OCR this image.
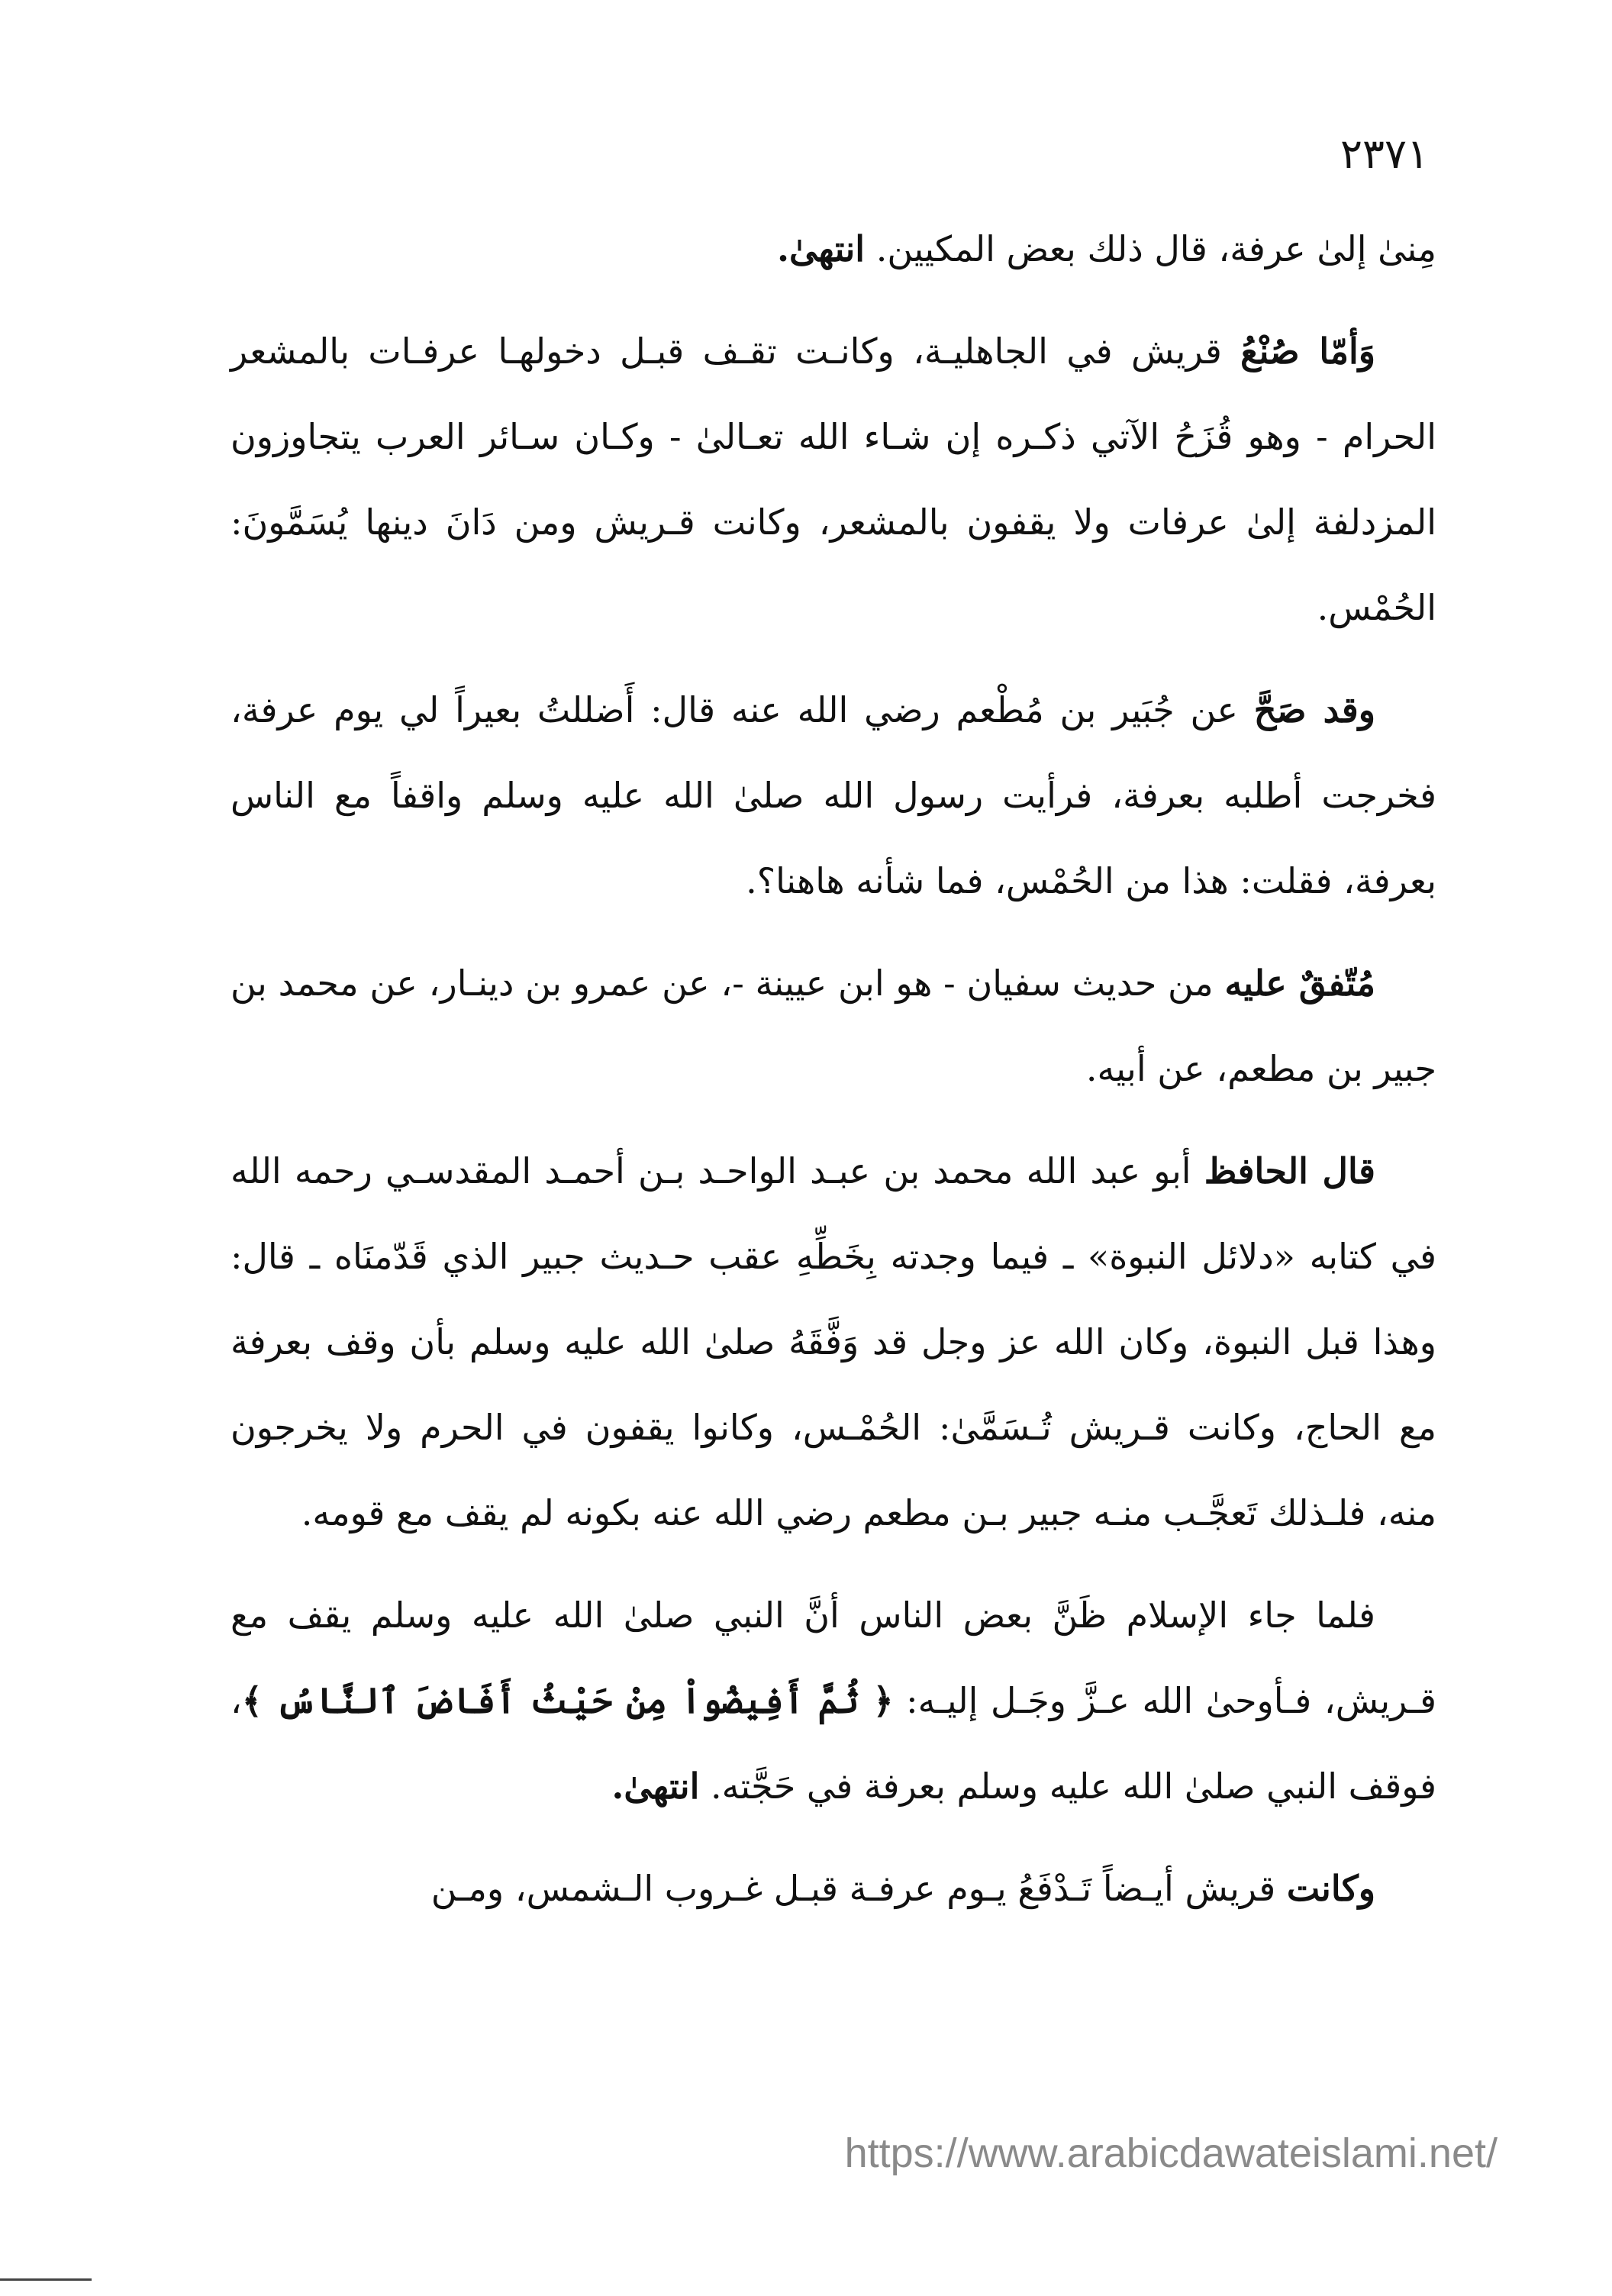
٢٣٧١

مِنىٰ إلىٰ عرفة، قال ذلك بعض المكيين. انتهىٰ.

وَأمّا صُنْعُ قريش في الجاهليـة، وكانـت تقـف قبـل دخولهـا عرفـات بالمشعر الحرام - وهو قُزَحُ الآتي ذكـره إن شـاء الله تعـالىٰ - وكـان سـائر العرب يتجاوزون المزدلفة إلىٰ عرفات ولا يقفون بالمشعر، وكانت قـريش ومن دَانَ دينها يُسَمَّونَ: الحُمْس.

وقد صَحَّ عن جُبَير بن مُطْعم رضي الله عنه قال: أَضللتُ بعيراً لي يوم عرفة، فخرجت أطلبه بعرفة، فرأيت رسول الله صلىٰ الله عليه وسلم واقفاً مع الناس بعرفة، فقلت: هذا من الحُمْس، فما شأنه هاهنا؟.

مُتّفقٌ عليه من حديث سفيان - هو ابن عيينة -، عن عمرو بن دينـار، عن محمد بن جبير بن مطعم، عن أبيه.

قال الحافظ أبو عبد الله محمد بن عبـد الواحـد بـن أحمـد المقدسـي رحمه الله في كتابه «دلائل النبوة» ـ فيما وجدته بِخَطِّهِ عقب حـديث جبير الذي قَدّمنَاه ـ قال: وهذا قبل النبوة، وكان الله عز وجل قد وَفَّقَهُ صلىٰ الله عليه وسلم بأن وقف بعرفة مع الحاج، وكانت قـريش تُـسَمَّىٰ: الحُمْـس، وكانوا يقفون في الحرم ولا يخرجون منه، فلـذلك تَعجَّـب منـه جبير بـن مطعم رضي الله عنه بكونه لم يقف مع قومه.

فلما جاء الإسلام ظَنَّ بعض الناس أنَّ النبي صلىٰ الله عليه وسلم يقف مع قـريش، فـأوحىٰ الله عـزَّ وجَـل إليـه: ﴿ ثُمَّ أَفِيضُواْ مِنْ حَيْثُ أَفَاضَ ٱلنَّاسُ ﴾، فوقف النبي صلىٰ الله عليه وسلم بعرفة في حَجَّته. انتهىٰ.

وكانت قريش أيـضاً تَـدْفَعُ يـوم عرفـة قبـل غـروب الـشمس، ومـن

https://www.arabicdawateislami.net/
